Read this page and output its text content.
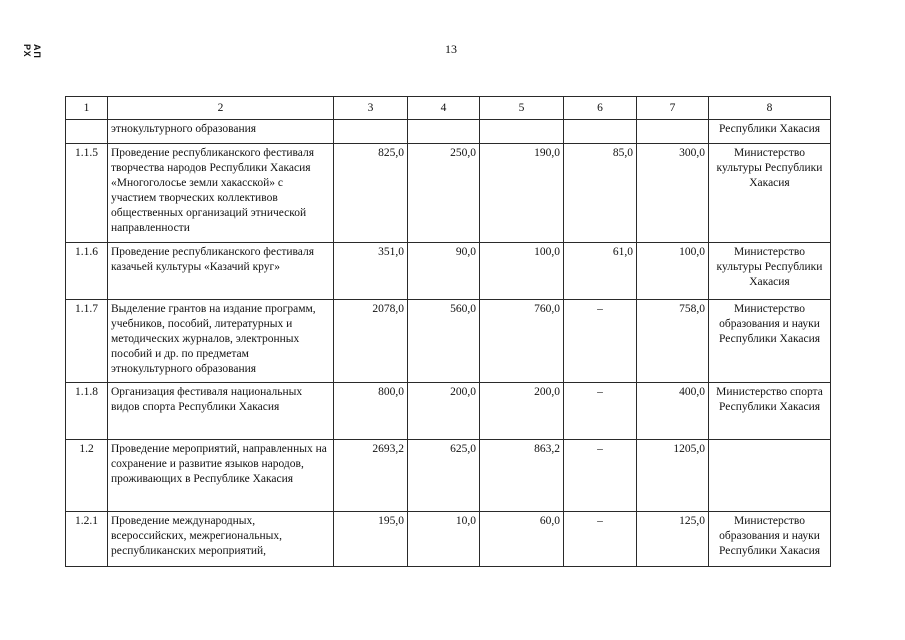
13
АП РХ
1	2	3	4	5	6	7	8
	этнокультурного образования						Республики Хакасия
1.1.5	Проведение республиканского фестиваля творчества народов Республики Хакасия «Многоголосье земли хакасской» с участием творческих коллективов общественных организаций этнической направленности	825,0	250,0	190,0	85,0	300,0	Министерство культуры Республики Хакасия
1.1.6	Проведение республиканского фестиваля казачьей культуры «Казачий круг»	351,0	90,0	100,0	61,0	100,0	Министерство культуры Республики Хакасия
1.1.7	Выделение грантов на издание программ, учебников, пособий, литературных и методических журналов, электронных пособий и др. по предметам этнокультурного образования	2078,0	560,0	760,0	–	758,0	Министерство образования и науки Республики Хакасия
1.1.8	Организация фестиваля национальных видов спорта Республики Хакасия	800,0	200,0	200,0	–	400,0	Министерство спорта Республики Хакасия
1.2	Проведение мероприятий, направленных на сохранение и развитие языков народов, проживающих в Республике Хакасия	2693,2	625,0	863,2	–	1205,0	
1.2.1	Проведение международных, всероссийских, межрегиональных, республиканских мероприятий,	195,0	10,0	60,0	–	125,0	Министерство образования и науки Республики Хакасия
